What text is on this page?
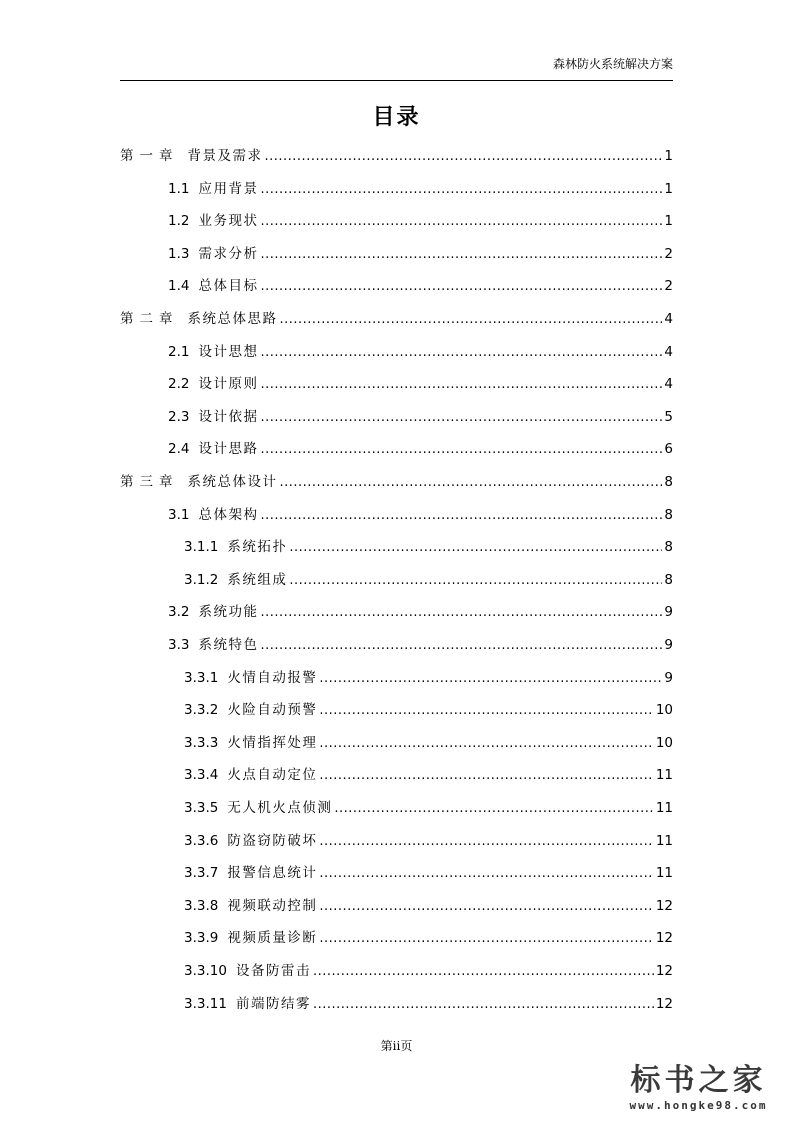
森林防火系统解决方案
目录
第一章 背景及需求 .....	1
1.1 应用背景 .....	1
1.2 业务现状 .....	1
1.3 需求分析 .....	2
1.4 总体目标 .....	2
第二章 系统总体思路 .....	4
2.1 设计思想 .....	4
2.2 设计原则 .....	4
2.3 设计依据 .....	5
2.4 设计思路 .....	6
第三章 系统总体设计 .....	8
3.1 总体架构 .....	8
3.1.1 系统拓扑 .....	8
3.1.2 系统组成 .....	8
3.2 系统功能 .....	9
3.3 系统特色 .....	9
3.3.1 火情自动报警 .....	9
3.3.2 火险自动预警 .....	10
3.3.3 火情指挥处理 .....	10
3.3.4 火点自动定位 .....	11
3.3.5 无人机火点侦测 .....	11
3.3.6 防盗窃防破坏 .....	11
3.3.7 报警信息统计 .....	11
3.3.8 视频联动控制 .....	12
3.3.9 视频质量诊断 .....	12
3.3.10 设备防雷击 .....	12
3.3.11 前端防结雾 .....	12
第ii页
标书之家
www.hongke98.com
